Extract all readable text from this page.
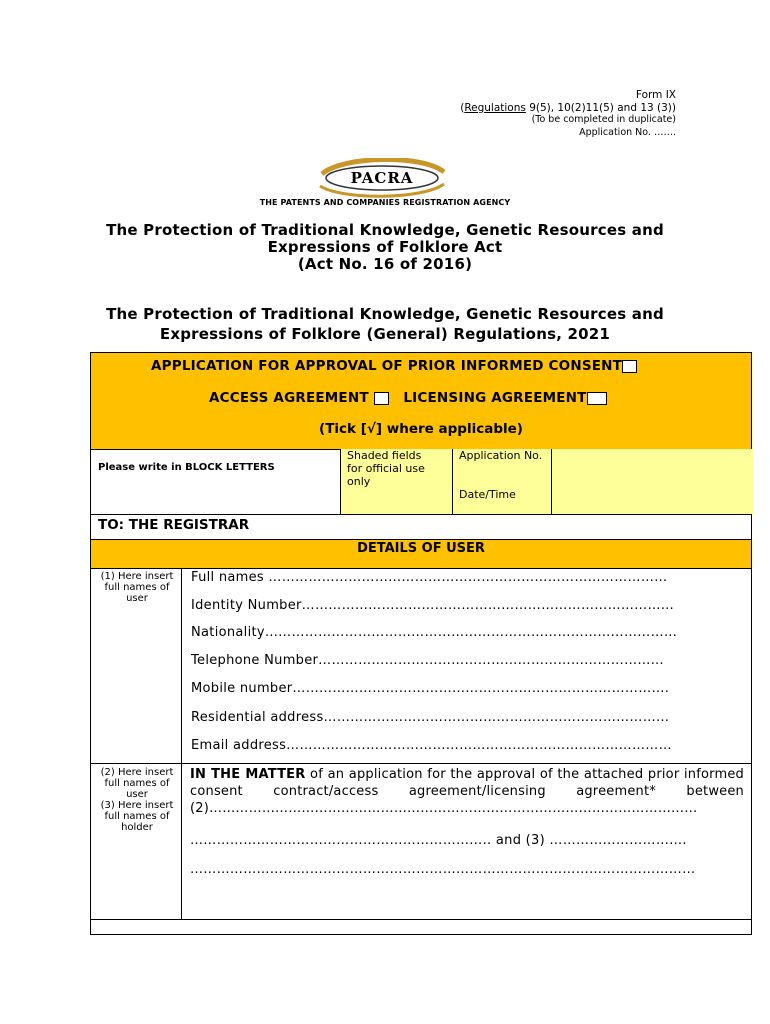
Form IX
(Regulations 9(5), 10(2)11(5) and 13 (3))
(To be completed in duplicate)
Application No. …….
PACRA
THE PATENTS AND COMPANIES REGISTRATION AGENCY
The Protection of Traditional Knowledge, Genetic Resources and
Expressions of Folklore Act
(Act No. 16 of 2016)
The Protection of Traditional Knowledge, Genetic Resources and
Expressions of Folklore (General) Regulations, 2021
APPLICATION FOR APPROVAL OF PRIOR INFORMED CONSENT
ACCESS AGREEMENT	LICENSING AGREEMENT
(Tick [√] where applicable)
Please write in BLOCK LETTERS
Shaded fields for official use only
Application No.
Date/Time
TO: THE REGISTRAR
DETAILS OF USER
(1) Here insert full names of user
Full names ………………………………………………………………………………
Identity Number…………………………………………………………………………
Nationality…………………………………………………………………………………
Telephone Number……………………………………………………………………
Mobile number………………………………………………………………………….
Residential address……………………………………………………………………
Email address……………………………………………………………………………
(2) Here insert full names of user
(3) Here insert full names of holder
IN THE MATTER of an application for the approval of the attached prior informed consent contract/access agreement/licensing agreement* between (2)…………………………………………………………………………………………………
………………………………………………………….. and (3) ………………………….
……………………………………………………………………………………………………
